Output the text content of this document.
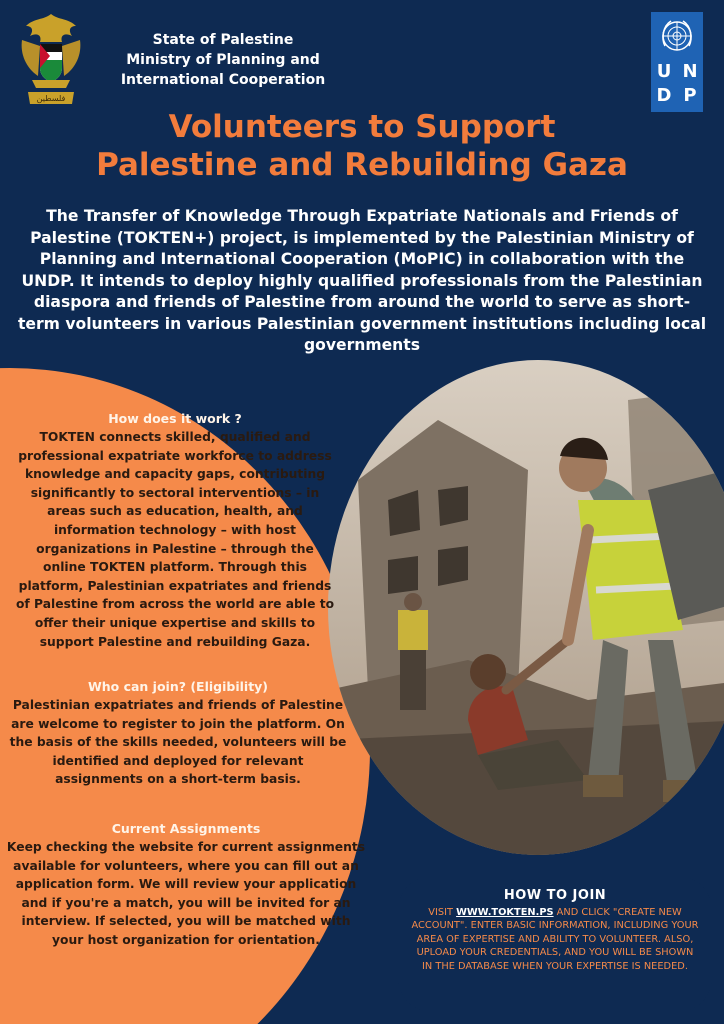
فلسطين
State of Palestine
Ministry of Planning and
International Cooperation	U N
D P
Volunteers to Support
Palestine and Rebuilding Gaza
The Transfer of Knowledge Through Expatriate Nationals and Friends of Palestine (TOKTEN+) project, is implemented by the Palestinian Ministry of Planning and International Cooperation (MoPIC) in collaboration with the UNDP. It intends to deploy highly qualified professionals from the Palestinian diaspora and friends of Palestine from around the world to serve as short-term volunteers in various Palestinian government institutions including local governments
How does it work ?

TOKTEN connects skilled, qualified and professional expatriate workforce to address knowledge and capacity gaps, contributing significantly to sectoral interventions – in areas such as education, health, and information technology – with host organizations in Palestine – through the online TOKTEN platform. Through this platform, Palestinian expatriates and friends of Palestine from across the world are able to offer their unique expertise and skills to support Palestine and rebuilding Gaza.

Who can join? (Eligibility)

Palestinian expatriates and friends of Palestine are welcome to register to join the platform. On the basis of the skills needed, volunteers will be identified and deployed for relevant assignments on a short-term basis.

Current Assignments

Keep checking the website for current assignments available for volunteers, where you can fill out an application form. We will review your application and if you're a match, you will be invited for an interview. If selected, you will be matched with your host organization for orientation.

HOW TO JOIN

VISIT WWW.TOKTEN.PS AND CLICK "CREATE NEW ACCOUNT". ENTER BASIC INFORMATION, INCLUDING YOUR AREA OF EXPERTISE AND ABILITY TO VOLUNTEER. ALSO, UPLOAD YOUR CREDENTIALS, AND YOU WILL BE SHOWN IN THE DATABASE WHEN YOUR EXPERTISE IS NEEDED.
